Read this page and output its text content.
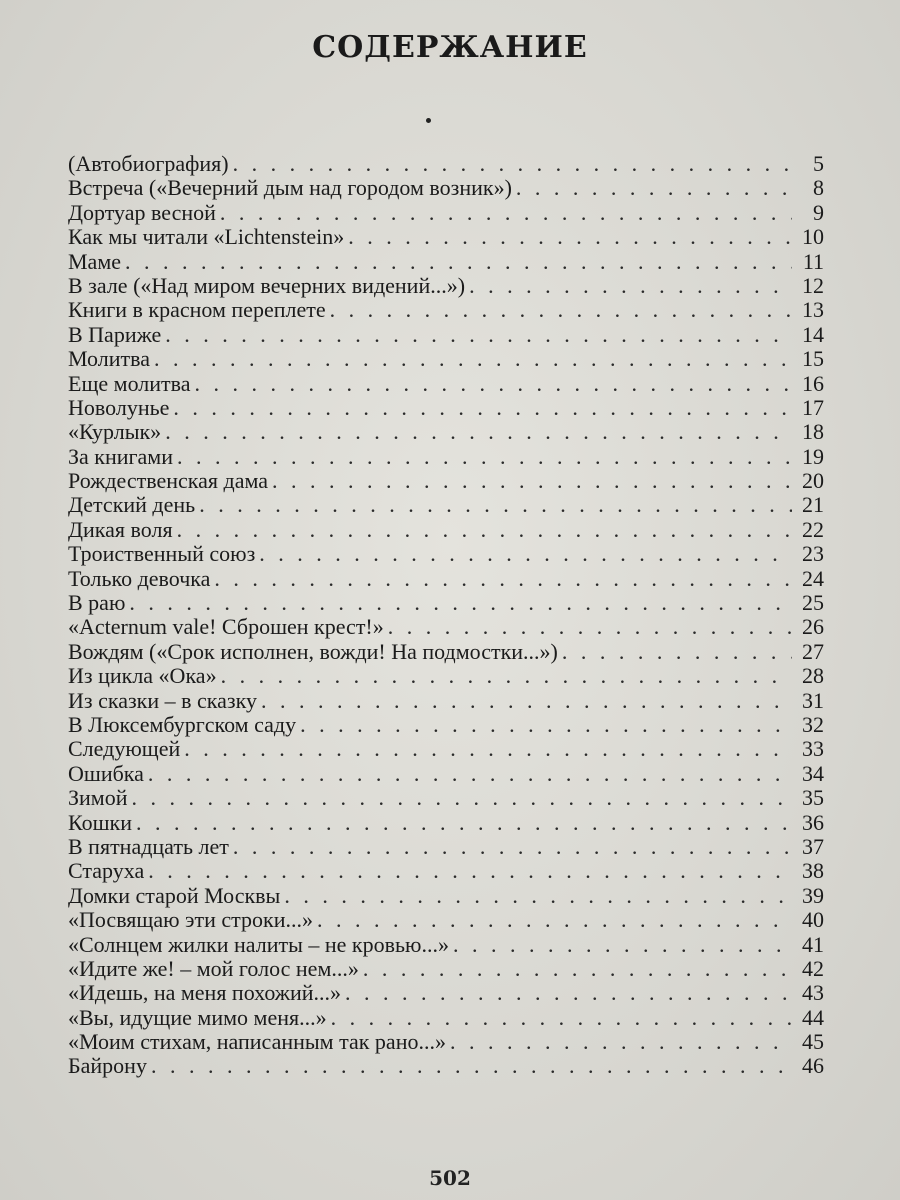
СОДЕРЖАНИЕ
(Автобиография) . . .	5
Встреча («Вечерний дым над городом возник») . . .	8
Дортуар весной . . .	9
Как мы читали «Lichtenstein» . . .	10
Маме . . .	11
В зале («Над миром вечерних видений...») . . .	12
Книги в красном переплете . . .	13
В Париже . . .	14
Молитва . . .	15
Еще молитва . . .	16
Новолунье . . .	17
«Курлык» . . .	18
За книгами . . .	19
Рождественская дама . . .	20
Детский день . . .	21
Дикая воля . . .	22
Троиственный союз . . .	23
Только девочка . . .	24
В раю . . .	25
«Acternum vale! Сброшен крест!» . . .	26
Вождям («Срок исполнен, вожди! На подмостки...») . . .	27
Из цикла «Ока» . . .	28
Из сказки – в сказку . . .	31
В Люксембургском саду . . .	32
Следующей . . .	33
Ошибка . . .	34
Зимой . . .	35
Кошки . . .	36
В пятнадцать лет . . .	37
Старуха . . .	38
Домки старой Москвы . . .	39
«Посвящаю эти строки...» . . .	40
«Солнцем жилки налиты – не кровью...» . . .	41
«Идите же! – мой голос нем...» . . .	42
«Идешь, на меня похожий...» . . .	43
«Вы, идущие мимо меня...» . . .	44
«Моим стихам, написанным так рано...» . . .	45
Байрону . . .	46

502
